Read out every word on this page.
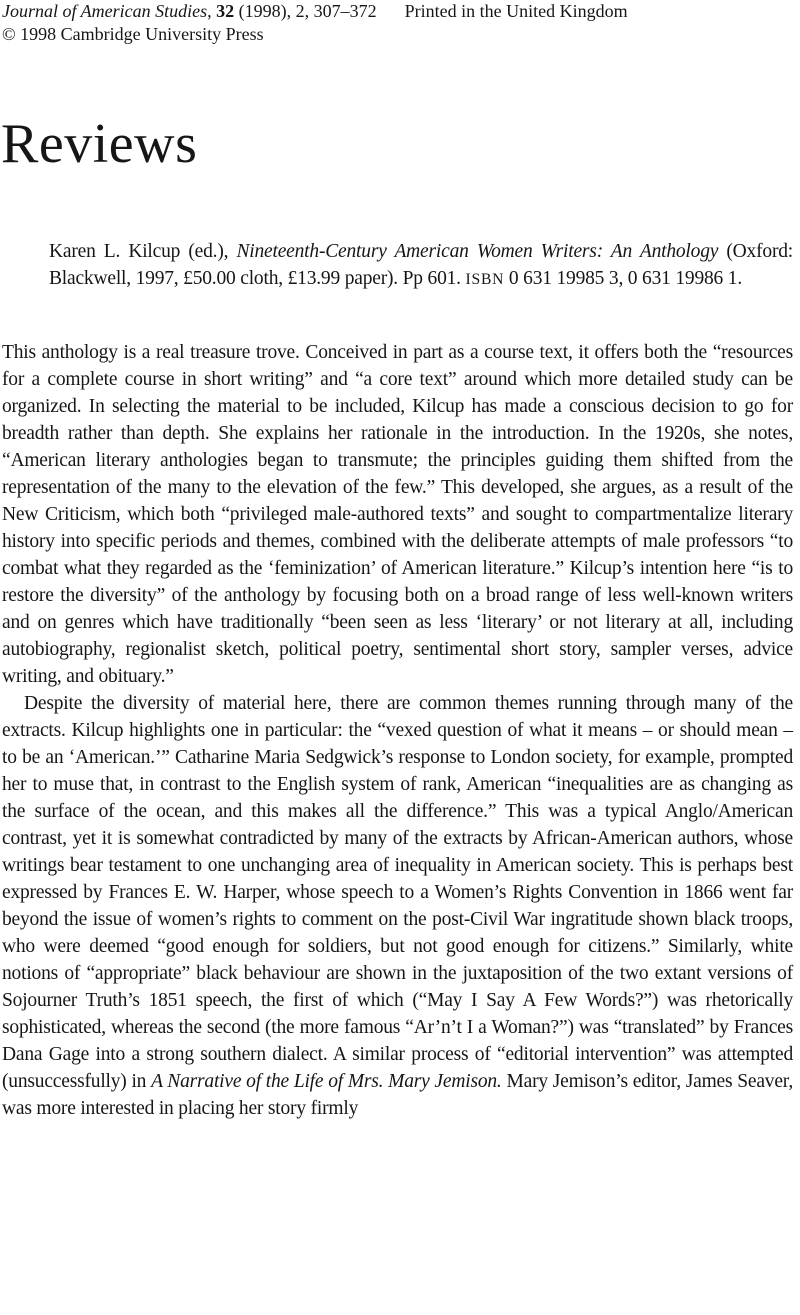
Journal of American Studies, 32 (1998), 2, 307–372 Printed in the United Kingdom
© 1998 Cambridge University Press
Reviews
Karen L. Kilcup (ed.), Nineteenth-Century American Women Writers: An Anthology (Oxford: Blackwell, 1997, £50.00 cloth, £13.99 paper). Pp 601. ISBN 0 631 19985 3, 0 631 19986 1.

This anthology is a real treasure trove. Conceived in part as a course text, it offers both the “resources for a complete course in short writing” and “a core text” around which more detailed study can be organized. In selecting the material to be included, Kilcup has made a conscious decision to go for breadth rather than depth. She explains her rationale in the introduction. In the 1920s, she notes, “American literary anthologies began to transmute; the principles guiding them shifted from the representation of the many to the elevation of the few.” This developed, she argues, as a result of the New Criticism, which both “privileged male-authored texts” and sought to compartmentalize literary history into specific periods and themes, combined with the deliberate attempts of male professors “to combat what they regarded as the ‘feminization’ of American literature.” Kilcup’s intention here “is to restore the diversity” of the anthology by focusing both on a broad range of less well-known writers and on genres which have traditionally “been seen as less ‘literary’ or not literary at all, including autobiography, regionalist sketch, political poetry, sentimental short story, sampler verses, advice writing, and obituary.”

Despite the diversity of material here, there are common themes running through many of the extracts. Kilcup highlights one in particular: the “vexed question of what it means – or should mean – to be an ‘American.’” Catharine Maria Sedgwick’s response to London society, for example, prompted her to muse that, in contrast to the English system of rank, American “inequalities are as changing as the surface of the ocean, and this makes all the difference.” This was a typical Anglo/American contrast, yet it is somewhat contradicted by many of the extracts by African-American authors, whose writings bear testament to one unchanging area of inequality in American society. This is perhaps best expressed by Frances E. W. Harper, whose speech to a Women’s Rights Convention in 1866 went far beyond the issue of women’s rights to comment on the post-Civil War ingratitude shown black troops, who were deemed “good enough for soldiers, but not good enough for citizens.” Similarly, white notions of “appropriate” black behaviour are shown in the juxtaposition of the two extant versions of Sojourner Truth’s 1851 speech, the first of which (“May I Say A Few Words?”) was rhetorically sophisticated, whereas the second (the more famous “Ar’n’t I a Woman?”) was “translated” by Frances Dana Gage into a strong southern dialect. A similar process of “editorial intervention” was attempted (unsuccessfully) in A Narrative of the Life of Mrs. Mary Jemison. Mary Jemison’s editor, James Seaver, was more interested in placing her story firmly
